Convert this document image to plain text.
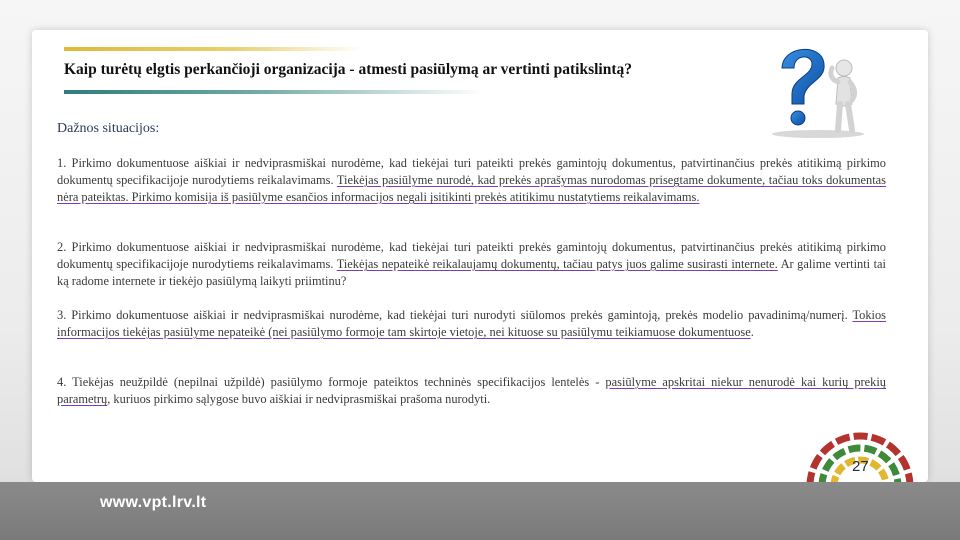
Kaip turėtų elgtis perkančioji organizacija - atmesti pasiūlymą ar vertinti patikslintą?
Dažnos situacijos:

1. Pirkimo dokumentuose aiškiai ir nedviprasmiškai nurodėme, kad tiekėjai turi pateikti prekės gamintojų dokumentus, patvirtinančius prekės atitikimą pirkimo dokumentų specifikacijoje nurodytiems reikalavimams. Tiekėjas pasiūlyme nurodė, kad prekės aprašymas nurodomas prisegtame dokumente, tačiau toks dokumentas nėra pateiktas. Pirkimo komisija iš pasiūlyme esančios informacijos negali įsitikinti prekės atitikimu nustatytiems reikalavimams.

2. Pirkimo dokumentuose aiškiai ir nedviprasmiškai nurodėme, kad tiekėjai turi pateikti prekės gamintojų dokumentus, patvirtinančius prekės atitikimą pirkimo dokumentų specifikacijoje nurodytiems reikalavimams. Tiekėjas nepateikė reikalaujamų dokumentų, tačiau patys juos galime susirasti internete. Ar galime vertinti tai ką radome internete ir tiekėjo pasiūlymą laikyti priimtinu?

3. Pirkimo dokumentuose aiškiai ir nedviprasmiškai nurodėme, kad tiekėjai turi nurodyti siūlomos prekės gamintoją, prekės modelio pavadinimą/numerį. Tokios informacijos tiekėjas pasiūlyme nepateikė (nei pasiūlymo formoje tam skirtoje vietoje, nei kituose su pasiūlymu teikiamuose dokumentuose.

4. Tiekėjas neužpildė (nepilnai užpildė) pasiūlymo formoje pateiktos techninės specifikacijos lentelės - pasiūlyme apskritai niekur nenurodė kai kurių prekių parametrų, kuriuos pirkimo sąlygose buvo aiškiai ir nedviprasmiškai prašoma nurodyti.

27
www.vpt.lrv.lt
